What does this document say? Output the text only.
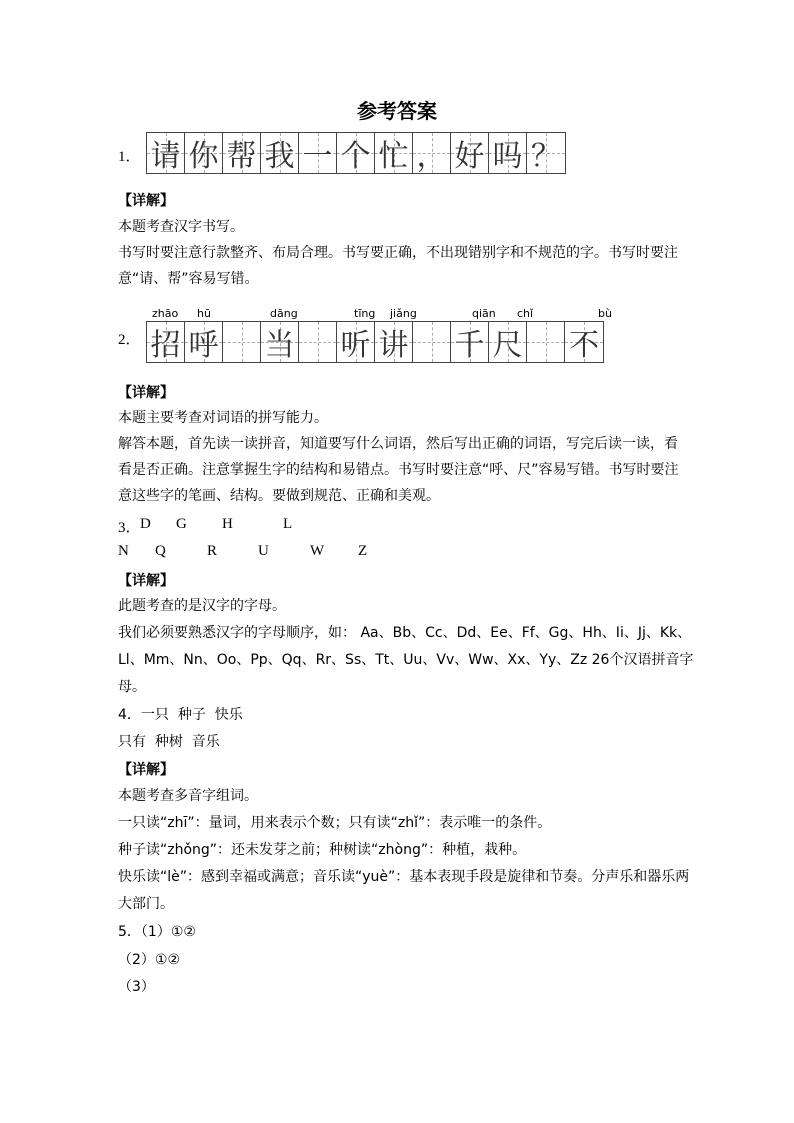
参考答案
1． 请 你 帮 我 一 个 忙 ， 好 吗 ？
【详解】
本题考查汉字书写。
书写时要注意行款整齐、布局合理。书写要正确，不出现错别字和不规范的字。书写时要注
意“请、帮”容易写错。
2．
zhāo hū	dāng	tīng jiǎng	qiān chǐ	bù
招 呼 当 听 讲 千 尺 不
【详解】
本题主要考查对词语的拼写能力。
解答本题，首先读一读拼音，知道要写什么词语，然后写出正确的词语，写完后读一读，看
看是否正确。注意掌握生字的结构和易错点。书写时要注意“呼、尺”容易写错。书写时要注
意这些字的笔画、结构。要做到规范、正确和美观。
3． D G H	L
N Q	R	U	W Z
【详解】
此题考查的是汉字的字母。
我们必须要熟悉汉字的字母顺序，如： Aa、Bb、Cc、Dd、Ee、Ff、Gg、Hh、Ii、Jj、Kk、
Ll、Mm、Nn、Oo、Pp、Qq、Rr、Ss、Tt、Uu、Vv、Ww、Xx、Yy、Zz 26个汉语拼音字
母。
4．一只  种子  快乐
只有  种树  音乐
【详解】
本题考查多音字组词。
一只读“zhī”：量词，用来表示个数；只有读“zhǐ”：表示唯一的条件。
种子读“zhǒng”：还未发芽之前；种树读“zhòng”：种植，栽种。
快乐读“lè”：感到幸福或满意；音乐读“yuè”：基本表现手段是旋律和节奏。分声乐和器乐两
大部门。
5．（1）①②
（2）①②
（3）
